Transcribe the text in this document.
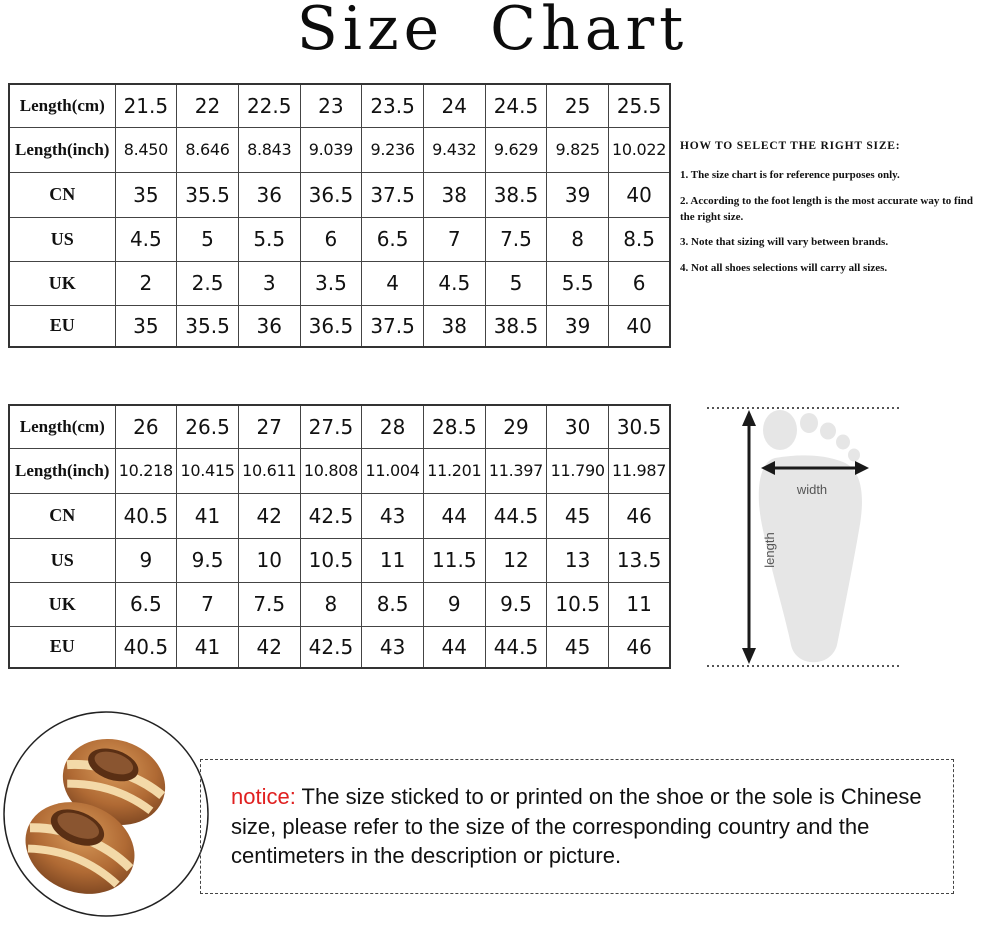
Size Chart
Length(cm)	21.5	22	22.5	23	23.5	24	24.5	25	25.5
Length(inch)	8.450	8.646	8.843	9.039	9.236	9.432	9.629	9.825	10.022
CN	35	35.5	36	36.5	37.5	38	38.5	39	40
US	4.5	5	5.5	6	6.5	7	7.5	8	8.5
UK	2	2.5	3	3.5	4	4.5	5	5.5	6
EU	35	35.5	36	36.5	37.5	38	38.5	39	40
HOW TO SELECT THE RIGHT SIZE:

1. The size chart is for reference purposes only.

2. According to the foot length is the most accurate way to find the right size.

3. Note that sizing will vary between brands.

4. Not all shoes selections will carry all sizes.

Length(cm)	26	26.5	27	27.5	28	28.5	29	30	30.5
Length(inch)	10.218	10.415	10.611	10.808	11.004	11.201	11.397	11.790	11.987
CN	40.5	41	42	42.5	43	44	44.5	45	46
US	9	9.5	10	10.5	11	11.5	12	13	13.5
UK	6.5	7	7.5	8	8.5	9	9.5	10.5	11
EU	40.5	41	42	42.5	43	44	44.5	45	46
width
length
notice: The size sticked to or printed on the shoe or the sole is Chinese size, please refer to the size of the corresponding country and the centimeters in the description or picture.
